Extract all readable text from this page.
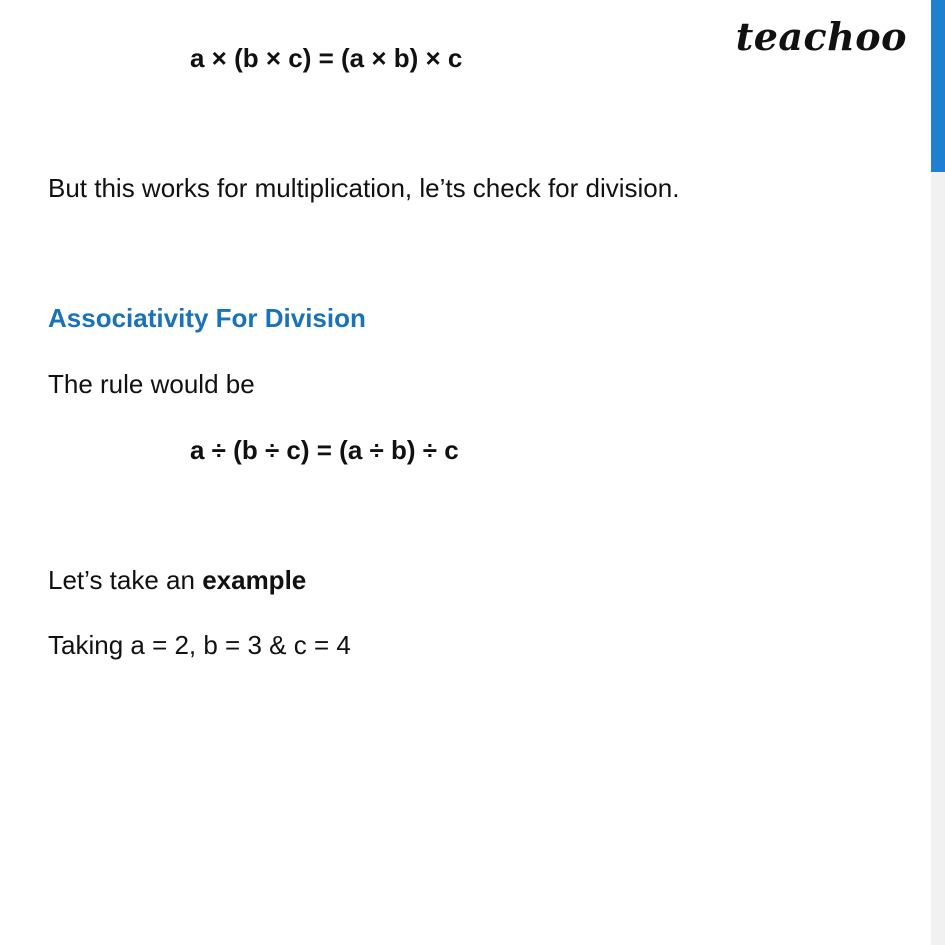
teachoo
a × (b × c) = (a × b) × c
But this works for multiplication, le’ts check for division.
Associativity For Division
The rule would be
a ÷ (b ÷ c) = (a ÷ b) ÷ c
Let’s take an example
Taking a = 2, b = 3 & c = 4
